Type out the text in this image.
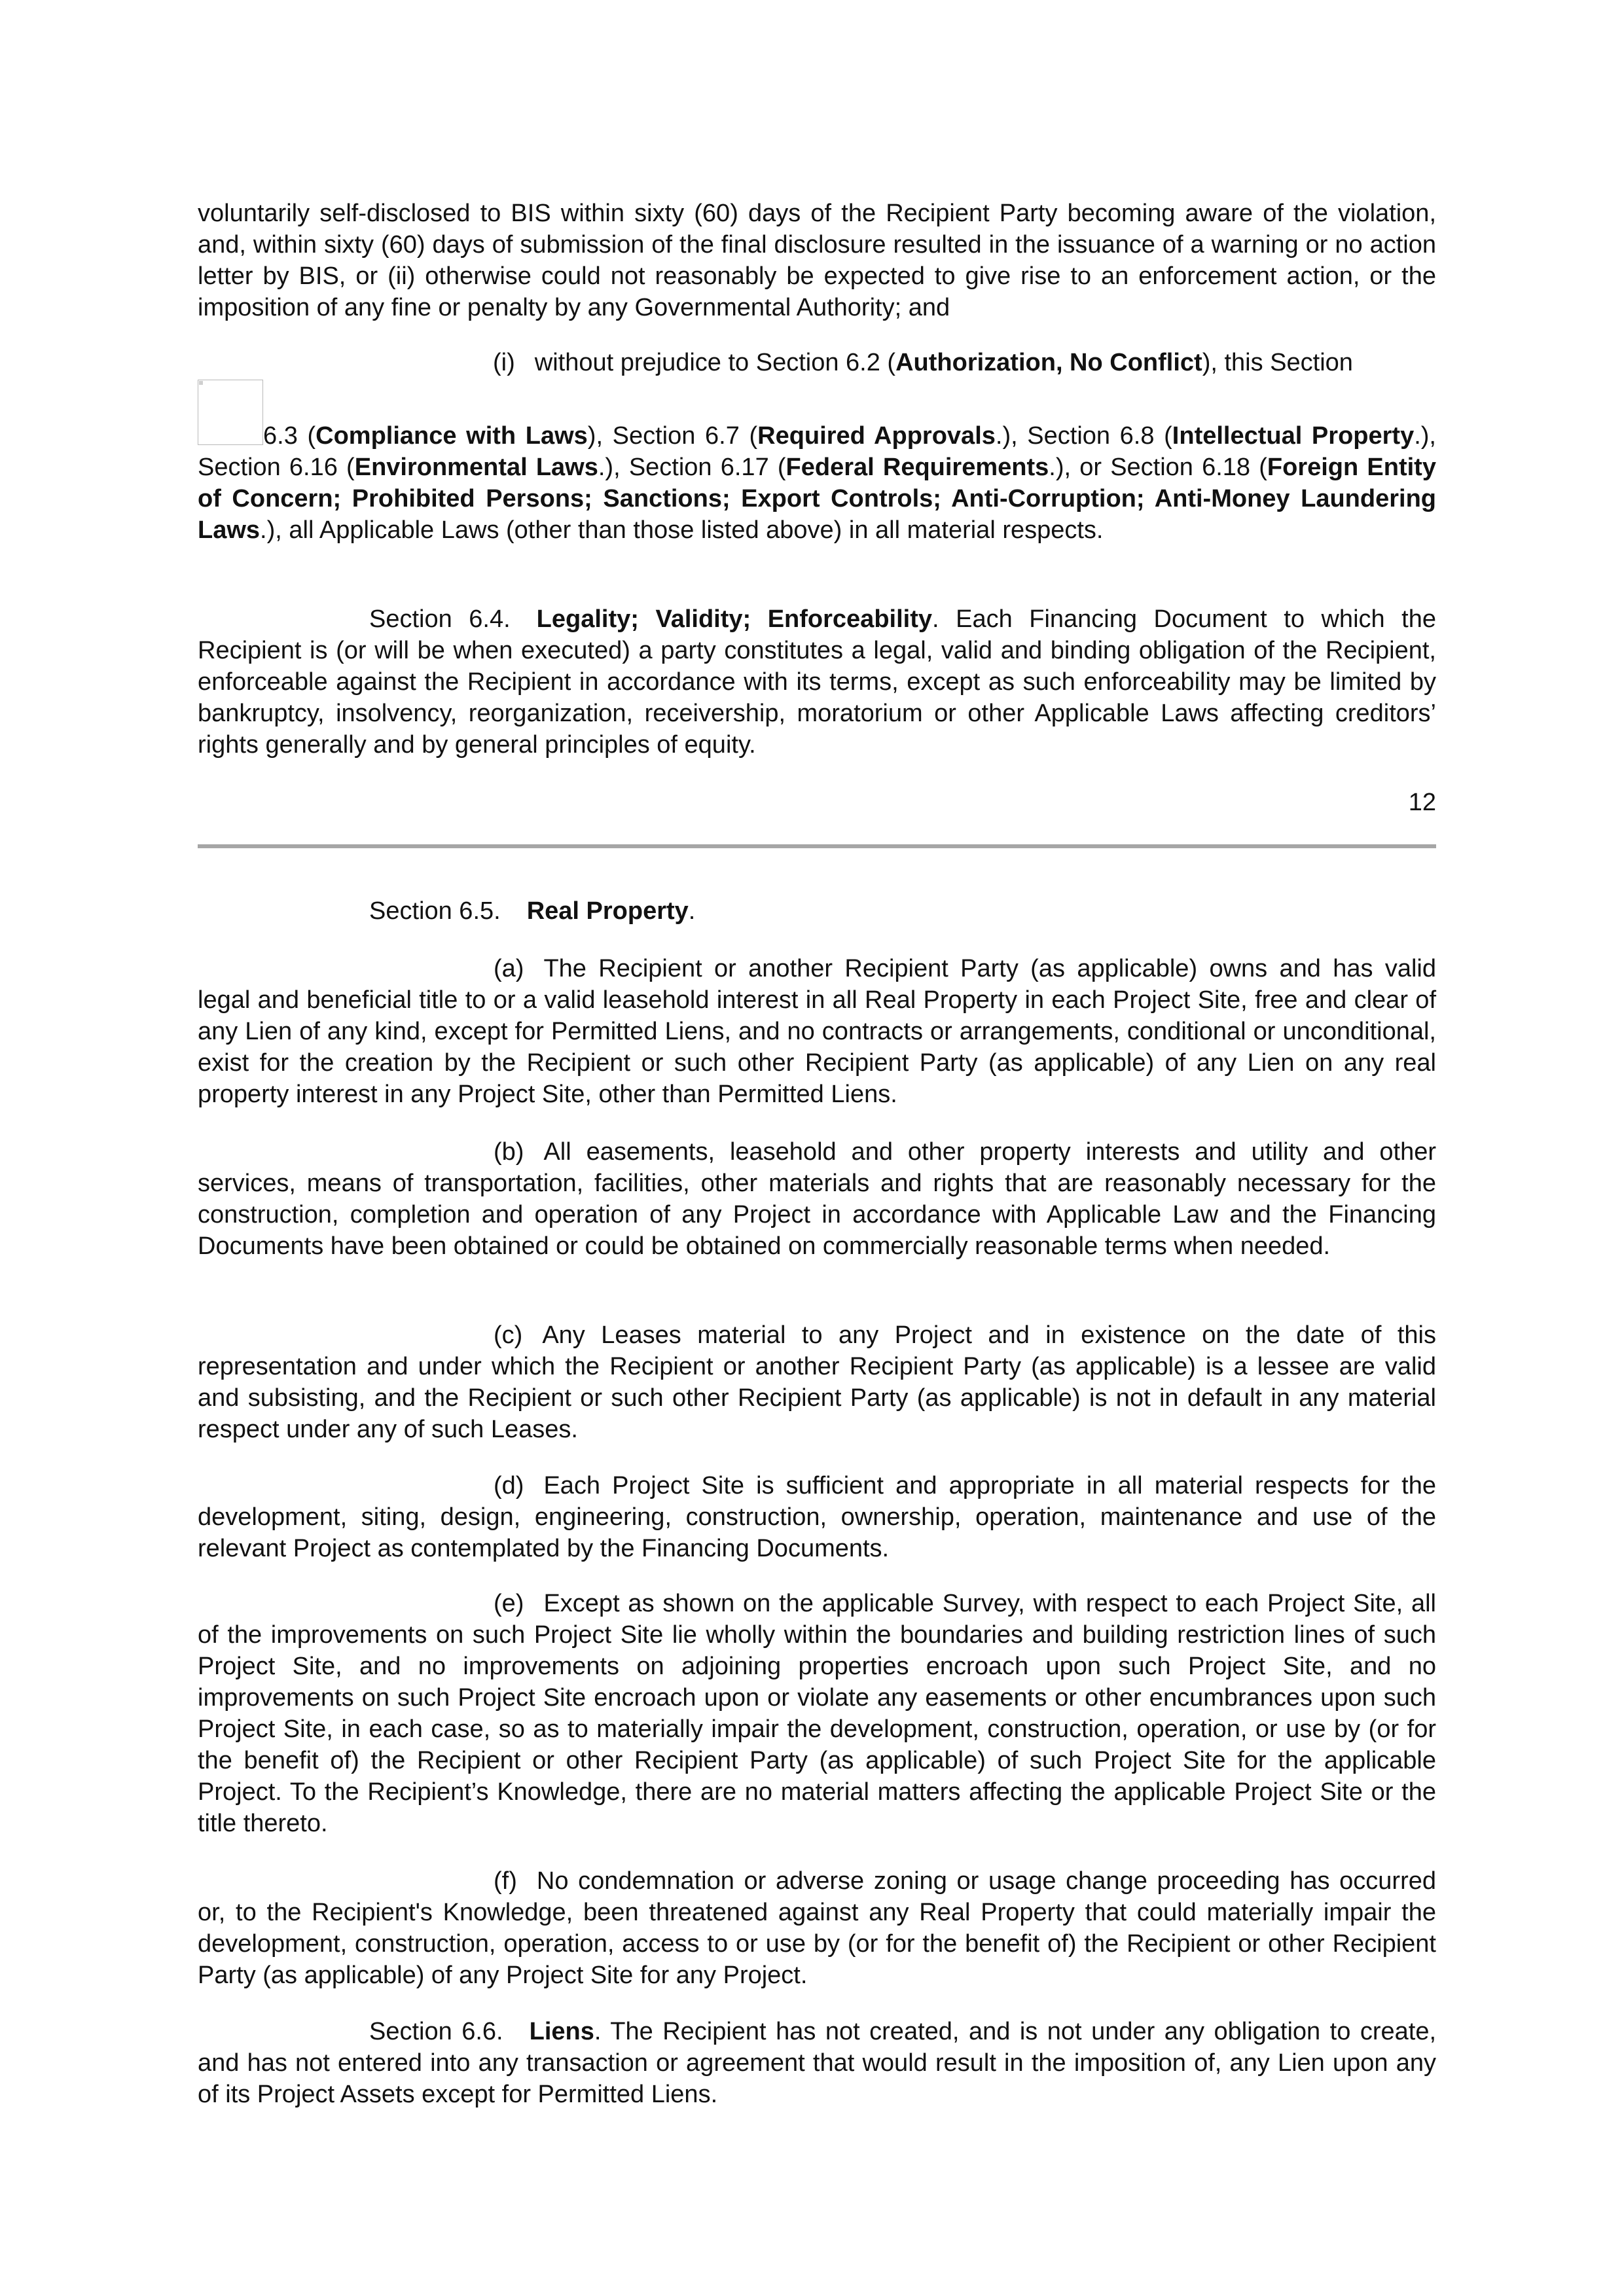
voluntarily self-disclosed to BIS within sixty (60) days of the Recipient Party becoming aware of the violation, and, within sixty (60) days of submission of the final disclosure resulted in the issuance of a warning or no action letter by BIS, or (ii) otherwise could not reasonably be expected to give rise to an enforcement action, or the imposition of any fine or penalty by any Governmental Authority; and

(i) without prejudice to Section 6.2 (Authorization, No Conflict), this Section

6.3 (Compliance with Laws), Section 6.7 (Required Approvals.), Section 6.8 (Intellectual Property.), Section 6.16 (Environmental Laws.), Section 6.17 (Federal Requirements.), or Section 6.18 (Foreign Entity of Concern; Prohibited Persons; Sanctions; Export Controls; Anti-Corruption; Anti-Money Laundering Laws.), all Applicable Laws (other than those listed above) in all material respects.

Section 6.4. Legality; Validity; Enforceability. Each Financing Document to which the Recipient is (or will be when executed) a party constitutes a legal, valid and binding obligation of the Recipient, enforceable against the Recipient in accordance with its terms, except as such enforceability may be limited by bankruptcy, insolvency, reorganization, receivership, moratorium or other Applicable Laws affecting creditors’ rights generally and by general principles of equity.

12

Section 6.5. Real Property.

(a) The Recipient or another Recipient Party (as applicable) owns and has valid legal and beneficial title to or a valid leasehold interest in all Real Property in each Project Site, free and clear of any Lien of any kind, except for Permitted Liens, and no contracts or arrangements, conditional or unconditional, exist for the creation by the Recipient or such other Recipient Party (as applicable) of any Lien on any real property interest in any Project Site, other than Permitted Liens.

(b) All easements, leasehold and other property interests and utility and other services, means of transportation, facilities, other materials and rights that are reasonably necessary for the construction, completion and operation of any Project in accordance with Applicable Law and the Financing Documents have been obtained or could be obtained on commercially reasonable terms when needed.

(c) Any Leases material to any Project and in existence on the date of this representation and under which the Recipient or another Recipient Party (as applicable) is a lessee are valid and subsisting, and the Recipient or such other Recipient Party (as applicable) is not in default in any material respect under any of such Leases.

(d) Each Project Site is sufficient and appropriate in all material respects for the development, siting, design, engineering, construction, ownership, operation, maintenance and use of the relevant Project as contemplated by the Financing Documents.

(e) Except as shown on the applicable Survey, with respect to each Project Site, all of the improvements on such Project Site lie wholly within the boundaries and building restriction lines of such Project Site, and no improvements on adjoining properties encroach upon such Project Site, and no improvements on such Project Site encroach upon or violate any easements or other encumbrances upon such Project Site, in each case, so as to materially impair the development, construction, operation, or use by (or for the benefit of) the Recipient or other Recipient Party (as applicable) of such Project Site for the applicable Project. To the Recipient’s Knowledge, there are no material matters affecting the applicable Project Site or the title thereto.

(f) No condemnation or adverse zoning or usage change proceeding has occurred or, to the Recipient's Knowledge, been threatened against any Real Property that could materially impair the development, construction, operation, access to or use by (or for the benefit of) the Recipient or other Recipient Party (as applicable) of any Project Site for any Project.

Section 6.6. Liens. The Recipient has not created, and is not under any obligation to create, and has not entered into any transaction or agreement that would result in the imposition of, any Lien upon any of its Project Assets except for Permitted Liens.
